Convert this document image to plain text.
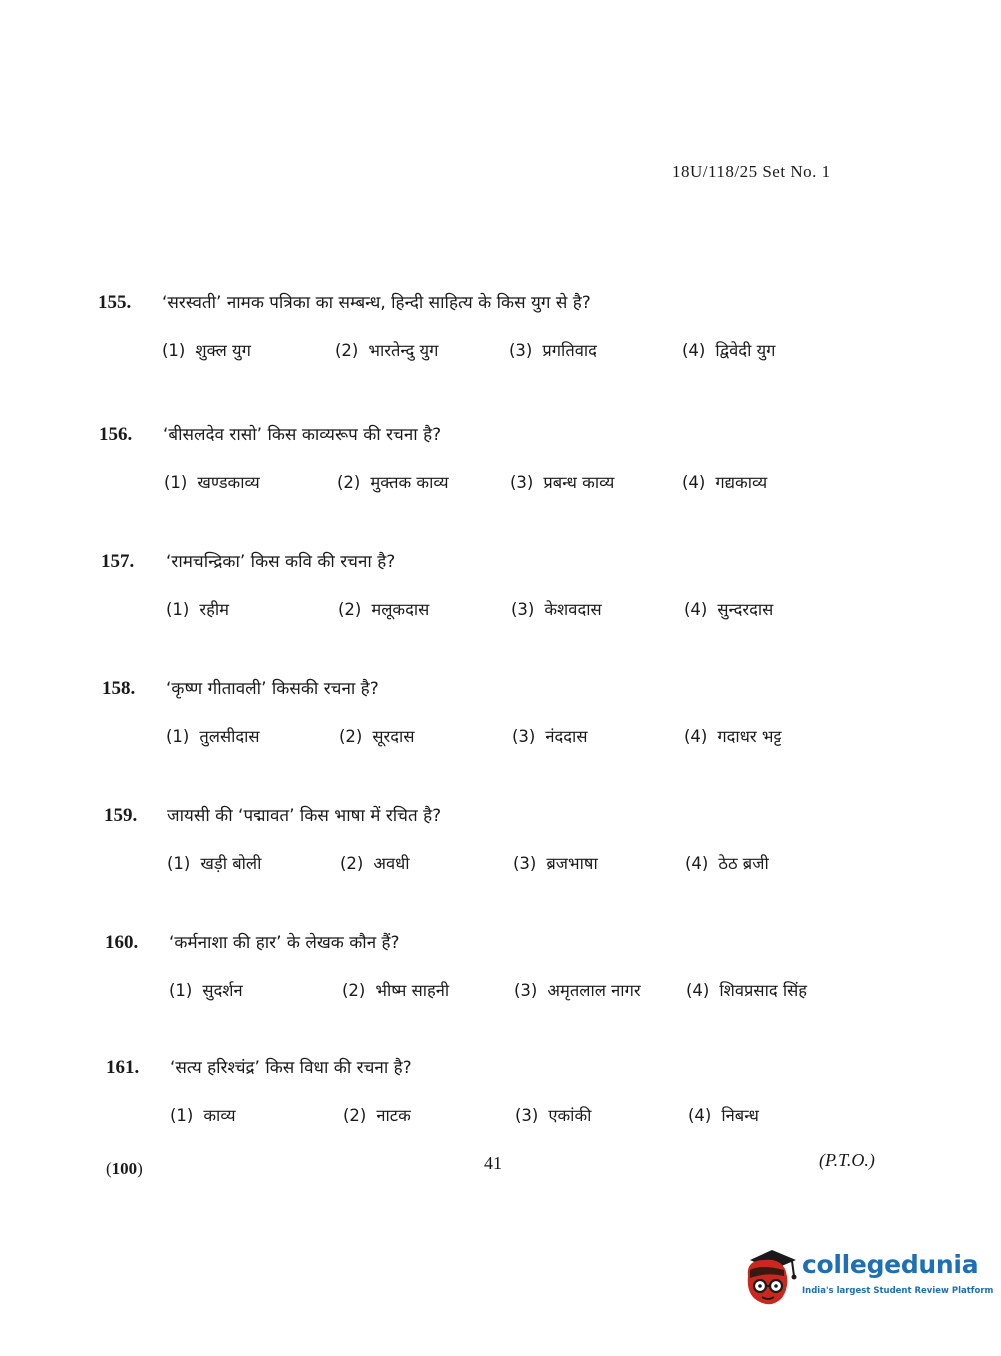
18U/118/25 Set No. 1
155. ‘सरस्वती’ नामक पत्रिका का सम्बन्ध, हिन्दी साहित्य के किस युग से है?
(1) शुक्ल युग	(2) भारतेन्दु युग	(3) प्रगतिवाद	(4) द्विवेदी युग
156. ‘बीसलदेव रासो’ किस काव्यरूप की रचना है?
(1) खण्डकाव्य	(2) मुक्तक काव्य	(3) प्रबन्ध काव्य	(4) गद्यकाव्य
157. ‘रामचन्द्रिका’ किस कवि की रचना है?
(1) रहीम	(2) मलूकदास	(3) केशवदास	(4) सुन्दरदास
158. ‘कृष्ण गीतावली’ किसकी रचना है?
(1) तुलसीदास	(2) सूरदास	(3) नंददास	(4) गदाधर भट्ट
159. जायसी की ‘पद्मावत’ किस भाषा में रचित है?
(1) खड़ी बोली	(2) अवधी	(3) ब्रजभाषा	(4) ठेठ ब्रजी
160. ‘कर्मनाशा की हार’ के लेखक कौन हैं?
(1) सुदर्शन	(2) भीष्म साहनी	(3) अमृतलाल नागर	(4) शिवप्रसाद सिंह
161. ‘सत्य हरिश्चंद्र’ किस विधा की रचना है?
(1) काव्य	(2) नाटक	(3) एकांकी	(4) निबन्ध
(100)	41	(P.T.O.)
collegedunia
India's largest Student Review Platform
